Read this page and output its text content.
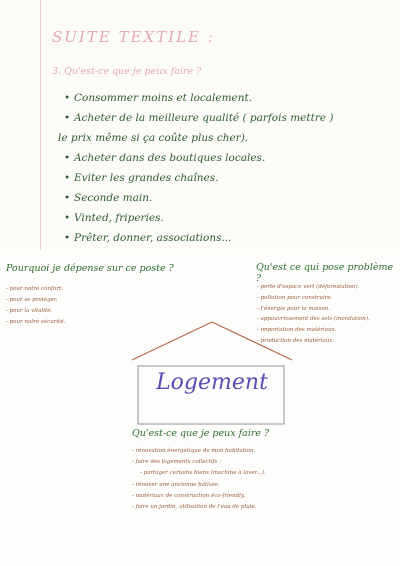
SUITE TEXTILE :
3. Qu'est-ce que je peux faire ?
• Consommer moins et localement.
• Acheter de la meilleure qualité ( parfois mettre )
le prix même si ça coûte plus cher).
• Acheter dans des boutiques locales.
• Eviter les grandes chaînes.
• Seconde main.
• Vinted, friperies.
• Prêter, donner, associations...
Pourquoi je dépense sur ce poste ?
- pour notre confort.
- pour se protéger.
- pour la vitalité.
- pour notre sécurité.
Qu'est ce qui pose problème ?
- perte d'espace vert (déforestation).
- pollution pour construire.
- l'énergie pour la maison.
- appauvrissement des sols (inondation).
- importation des matériaux.
- production des matériaux.
Logement
Qu'est-ce que je peux faire ?
- rénovation énergétique de mon habitation.
- faire des logements collectifs :
- partager certains biens (machine à laver...).
- rénover une ancienne bâtisse.
- matériaux de construction éco-friendly.
- faire un jardin, utilisation de l'eau de pluie.
